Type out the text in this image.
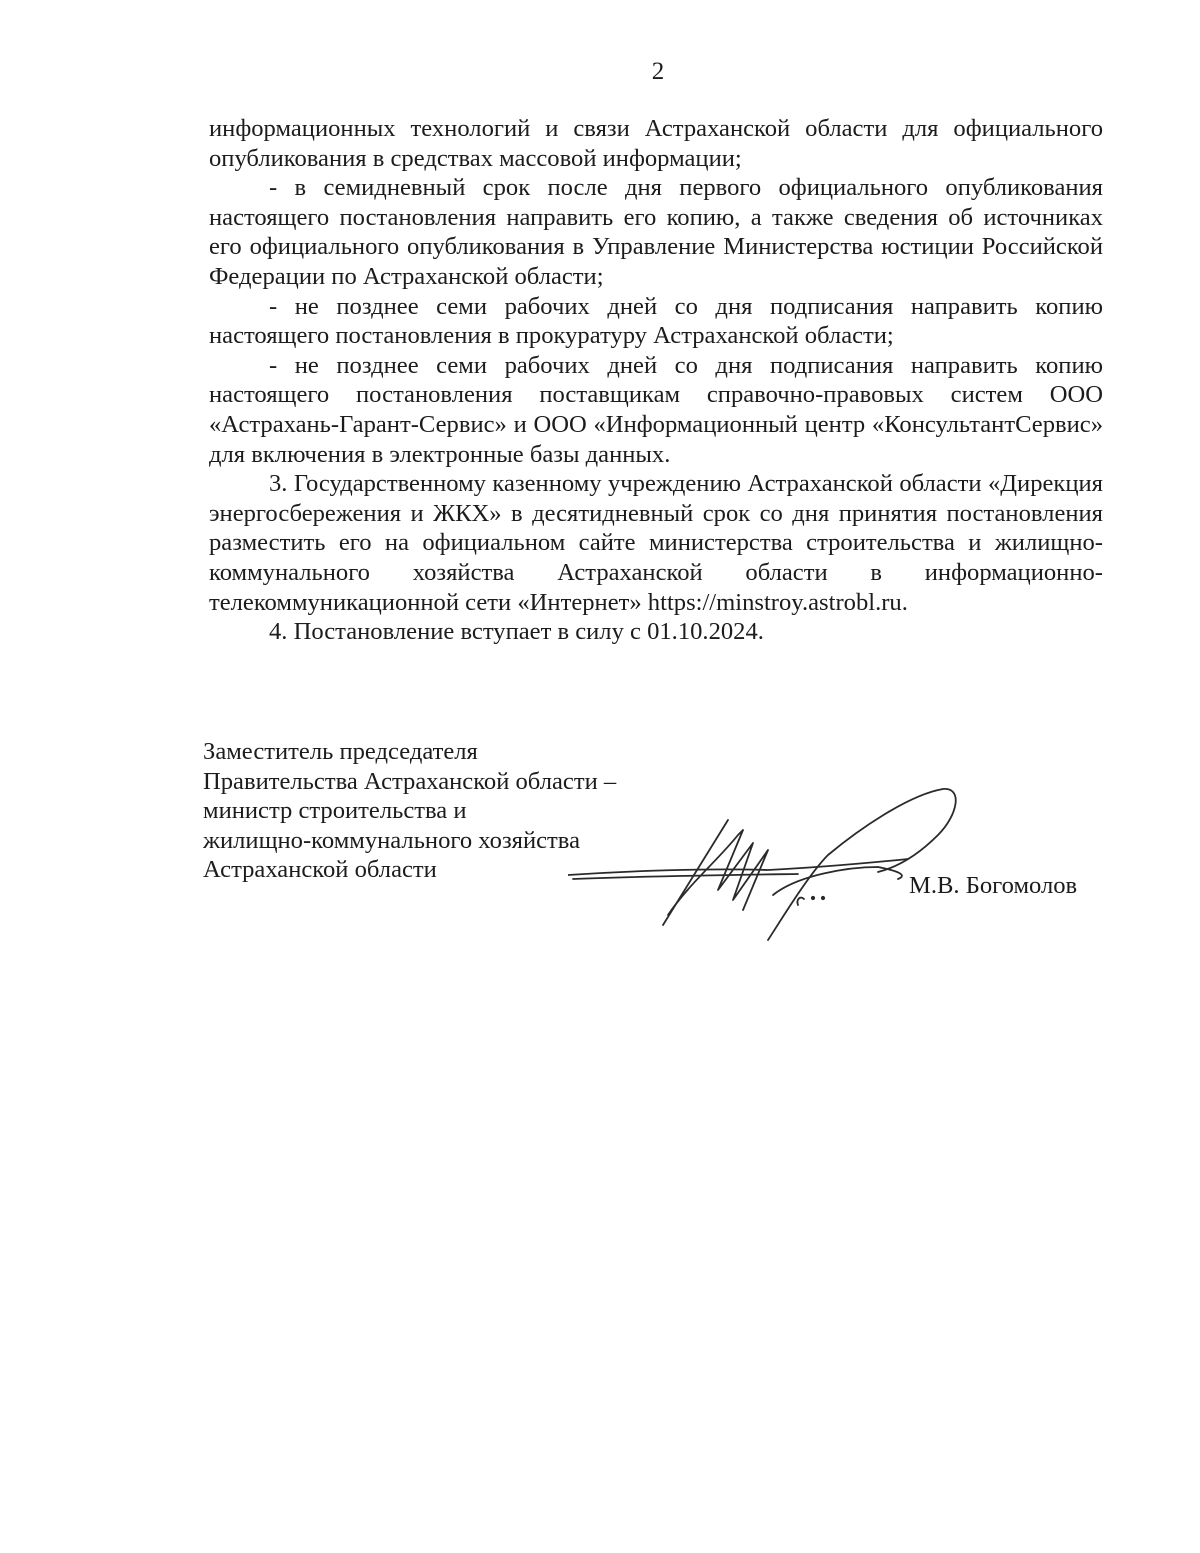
2

информационных технологий и связи Астраханской области для официального опубликования в средствах массовой информации;

- в семидневный срок после дня первого официального опубликования настоящего постановления направить его копию, а также сведения об источниках его официального опубликования в Управление Министерства юстиции Российской Федерации по Астраханской области;

- не позднее семи рабочих дней со дня подписания направить копию настоящего постановления в прокуратуру Астраханской области;

- не позднее семи рабочих дней со дня подписания направить копию настоящего постановления поставщикам справочно-правовых систем ООО «Астрахань-Гарант-Сервис» и ООО «Информационный центр «КонсультантСервис» для включения в электронные базы данных.

3. Государственному казенному учреждению Астраханской области «Дирекция энергосбережения и ЖКХ» в десятидневный срок со дня принятия постановления разместить его на официальном сайте министерства строительства и жилищно-коммунального хозяйства Астраханской области в информационно-телекоммуникационной сети «Интернет» https://minstroy.astrobl.ru.

4. Постановление вступает в силу с 01.10.2024.

Заместитель председателя
Правительства Астраханской области –
министр строительства и
жилищно-коммунального хозяйства
Астраханской области
М.В. Богомолов
